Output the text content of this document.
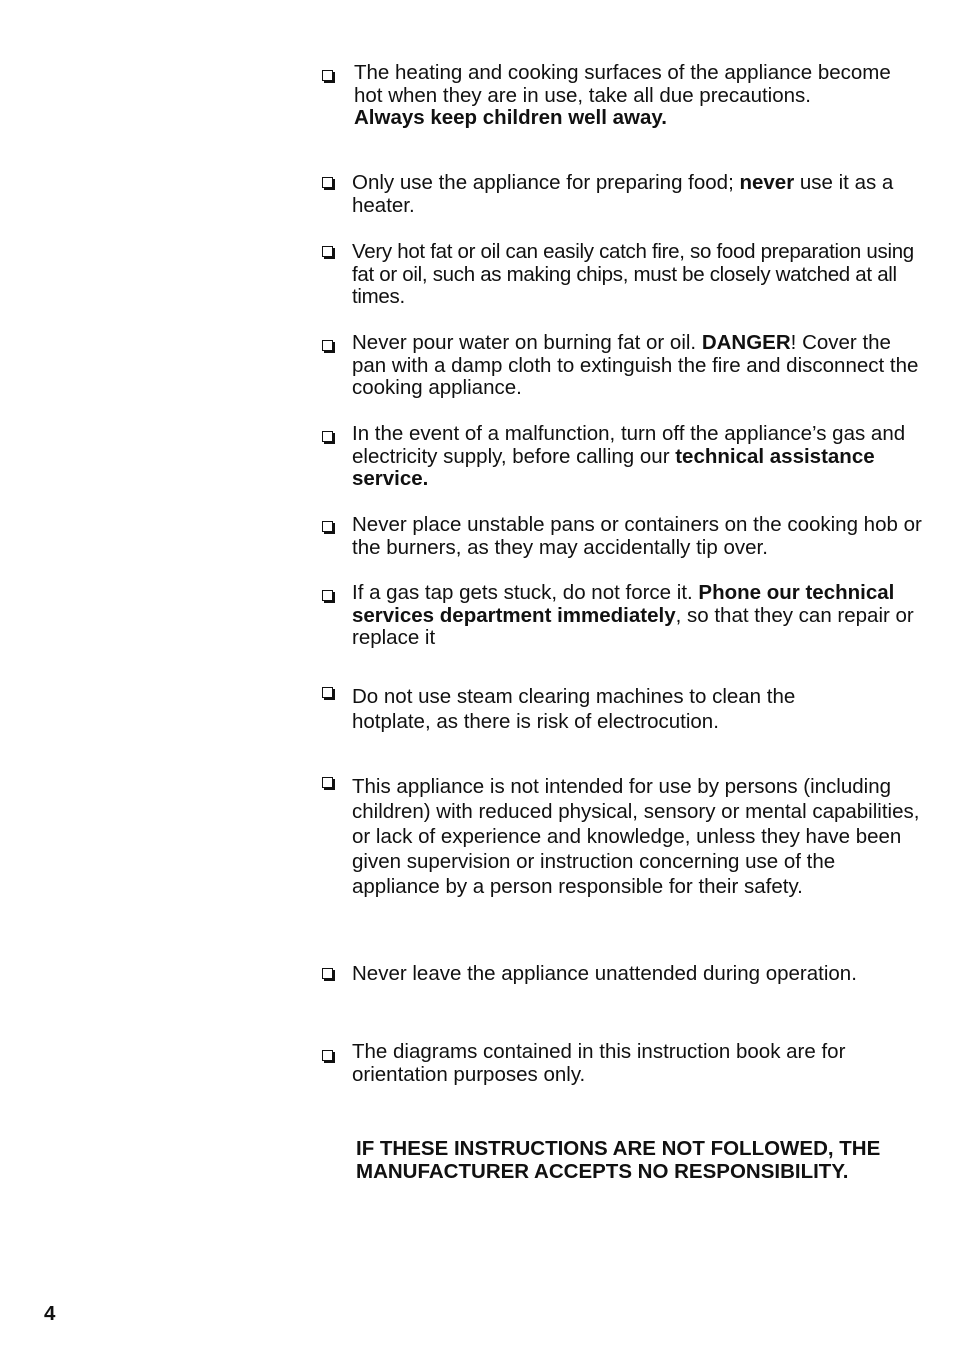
The heating and cooking surfaces of the appliance become hot when they are in use, take all due precautions.
Always keep children well away.
Only use the appliance for preparing food; never use it as a heater.
Very hot fat or oil can easily catch fire, so food preparation using fat or oil, such as making chips, must be closely watched at all times.
Never pour water on burning fat or oil. DANGER! Cover the pan with a damp cloth to extinguish the fire and disconnect the cooking appliance.
In the event of a malfunction, turn off the appliance’s gas and electricity supply, before calling our technical assistance service.
Never place unstable pans or containers on the cooking hob or the burners, as they may accidentally tip over.
If a gas tap gets stuck, do not force it. Phone our technical services department immediately, so that they can repair or replace it
Do not use steam clearing machines to clean the hotplate, as there is risk of electrocution.
This appliance is not intended for use by persons (including children) with reduced physical, sensory or mental capabilities, or lack of experience and knowledge, unless they have been given supervision or instruction concerning use of the appliance by a person responsible for their safety.
Never leave the appliance unattended during operation.
The diagrams contained in this instruction book are for orientation purposes only.
IF THESE INSTRUCTIONS ARE NOT FOLLOWED, THE MANUFACTURER ACCEPTS NO RESPONSIBILITY.
4
